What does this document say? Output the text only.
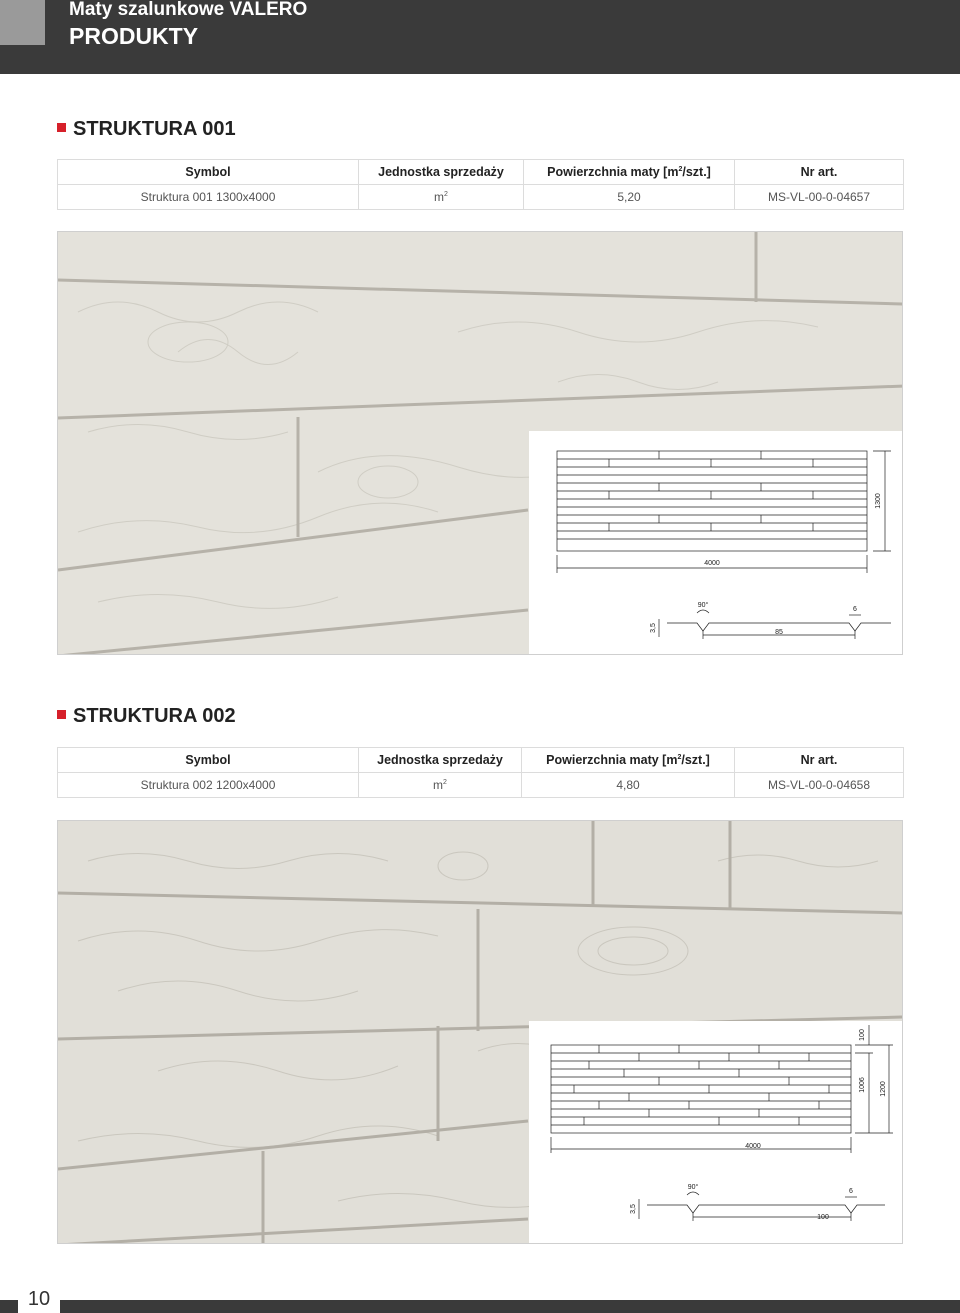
Maty szalunkowe VALERO
PRODUKTY
STRUKTURA 001
Symbol	Jednostka sprzedaży	Powierzchnia maty $[m^2/szt.]$	Nr art.
Struktura 001 1300x4000	$m^2$	5,20	MS-VL-00-0-04657
1300
4000
90°
3,5
6
85
STRUKTURA 002
Symbol	Jednostka sprzedaży	Powierzchnia maty $[m^2/szt.]$	Nr art.
Struktura 002 1200x4000	$m^2$	4,80	MS-VL-00-0-04658
100
1006 1200
4000
90°
3,5
6
100
10
